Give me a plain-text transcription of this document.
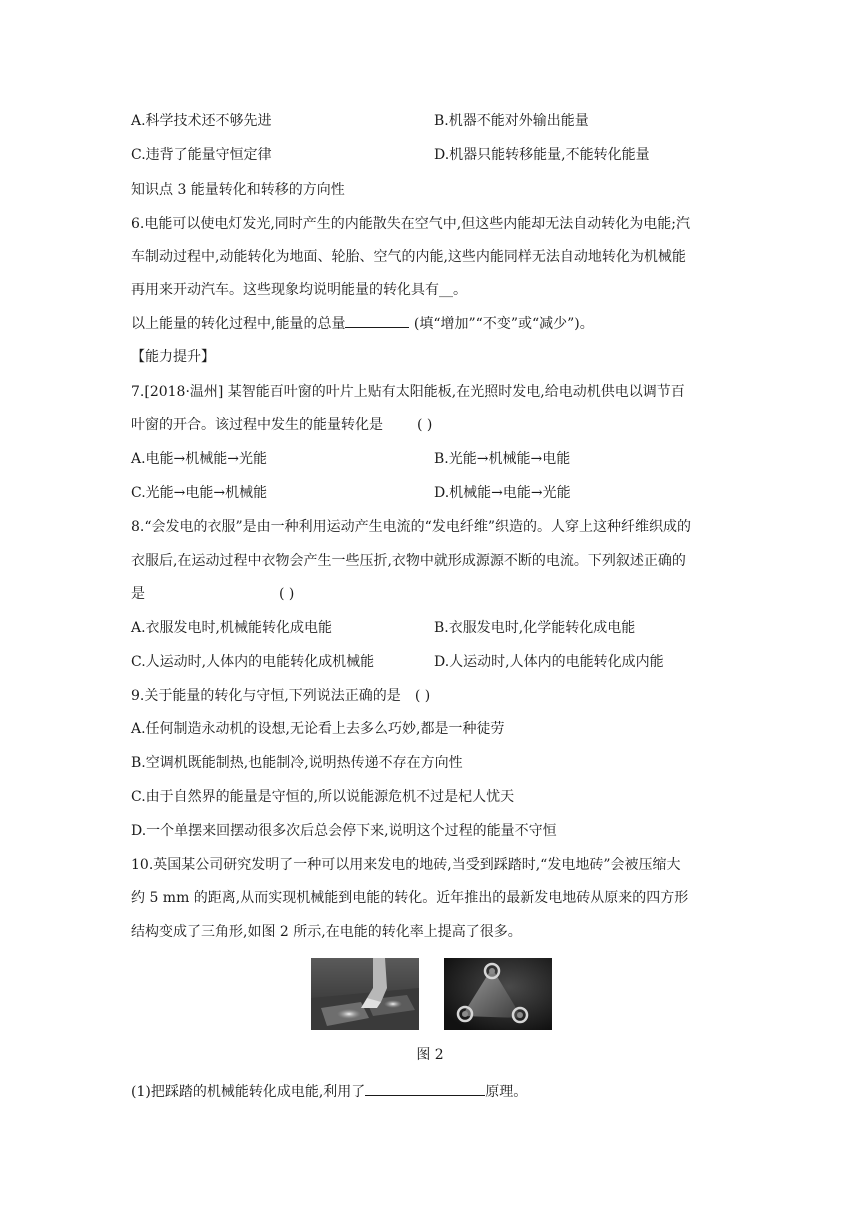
A.科学技术还不够先进	B.机器不能对外输出能量
C.违背了能量守恒定律	D.机器只能转移能量,不能转化能量
知识点 3 能量转化和转移的方向性
6.电能可以使电灯发光,同时产生的内能散失在空气中,但这些内能却无法自动转化为电能;汽
车制动过程中,动能转化为地面、轮胎、空气的内能,这些内能同样无法自动地转化为机械能
再用来开动汽车。这些现象均说明能量的转化具有__。
以上能量的转化过程中,能量的总量	(填“增加”“不变”或“减少”)。
【能力提升】
7.[2018·温州] 某智能百叶窗的叶片上贴有太阳能板,在光照时发电,给电动机供电以调节百
叶窗的开合。该过程中发生的能量转化是 ( )
A.电能→机械能→光能	B.光能→机械能→电能
C.光能→电能→机械能	D.机械能→电能→光能
8.“会发电的衣服”是由一种利用运动产生电流的“发电纤维”织造的。人穿上这种纤维织成的
衣服后,在运动过程中衣物会产生一些压折,衣物中就形成源源不断的电流。下列叙述正确的
是	( )
A.衣服发电时,机械能转化成电能	B.衣服发电时,化学能转化成电能
C.人运动时,人体内的电能转化成机械能	D.人运动时,人体内的电能转化成内能
9.关于能量的转化与守恒,下列说法正确的是 ( )
A.任何制造永动机的设想,无论看上去多么巧妙,都是一种徒劳
B.空调机既能制热,也能制冷,说明热传递不存在方向性
C.由于自然界的能量是守恒的,所以说能源危机不过是杞人忧天
D.一个单摆来回摆动很多次后总会停下来,说明这个过程的能量不守恒
10.英国某公司研究发明了一种可以用来发电的地砖,当受到踩踏时,“发电地砖”会被压缩大
约 5 mm 的距离,从而实现机械能到电能的转化。近年推出的最新发电地砖从原来的四方形
结构变成了三角形,如图 2 所示,在电能的转化率上提高了很多。
图 2
(1)把踩踏的机械能转化成电能,利用了	原理。
